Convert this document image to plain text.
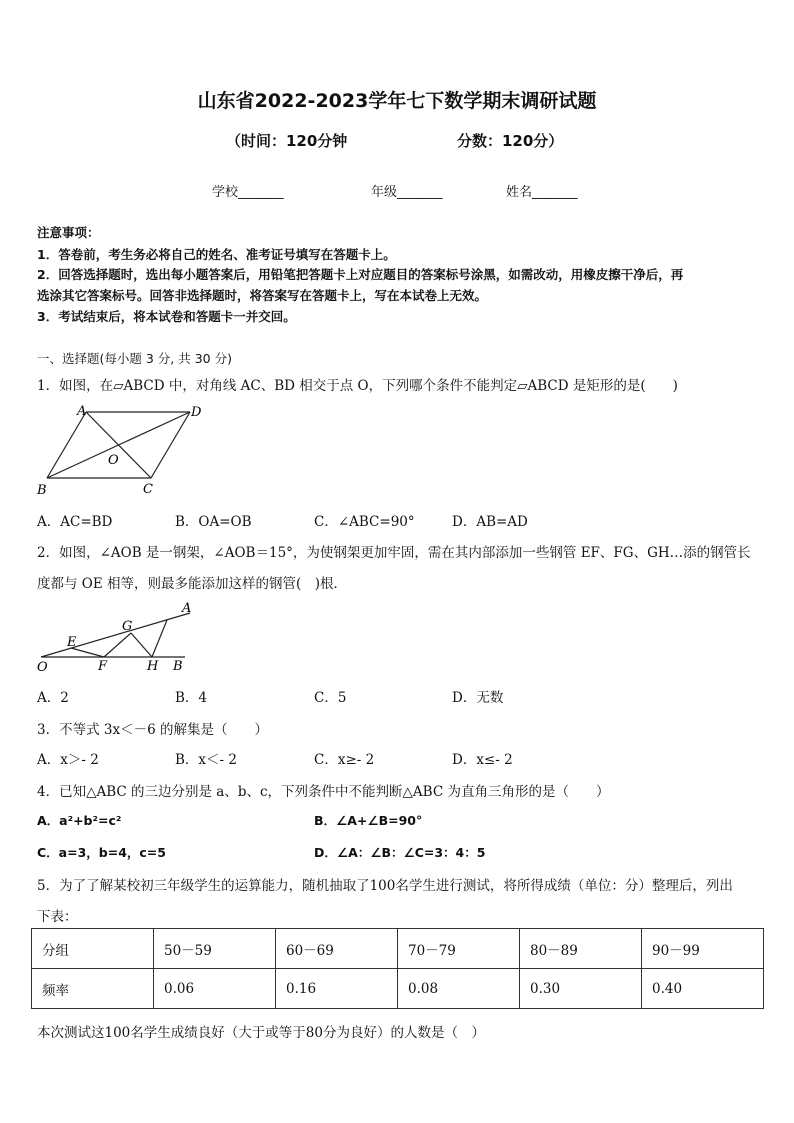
山东省2022-2023学年七下数学期末调研试题
（时间：120分钟	分数：120分）
学校_______	年级_______	姓名_______
注意事项：
1．答卷前，考生务必将自己的姓名、准考证号填写在答题卡上。
2．回答选择题时，选出每小题答案后，用铅笔把答题卡上对应题目的答案标号涂黑，如需改动，用橡皮擦干净后，再
选涂其它答案标号。回答非选择题时，将答案写在答题卡上，写在本试卷上无效。
3．考试结束后，将本试卷和答题卡一并交回。
一、选择题(每小题 3 分, 共 30 分)
1．如图，在▱ABCD 中，对角线 AC、BD 相交于点 O，下列哪个条件不能判定▱ABCD 是矩形的是(　　)
A	D
O
B	C
A．AC=BD	B．OA=OB	C．∠ABC=90°	D．AB=AD
2．如图，∠AOB 是一钢架，∠AOB＝15°，为使钢架更加牢固，需在其内部添加一些钢管 EF、FG、GH…添的钢管长
度都与 OE 相等，则最多能添加这样的钢管(　)根．
A
G
E
O	F	H B
A．2	B．4	C．5	D．无数
3．不等式 3x＜－6 的解集是（　　）
A．x＞- 2	B．x＜- 2	C．x≥- 2	D．x≤- 2
4．已知△ABC 的三边分别是 a、b、c，下列条件中不能判断△ABC 为直角三角形的是（　　）
A．a²+b²=c²	B．∠A+∠B=90°
C．a=3，b=4，c=5	D．∠A：∠B：∠C=3：4：5
5．为了了解某校初三年级学生的运算能力，随机抽取了100名学生进行测试，将所得成绩（单位：分）整理后，列出
下表：
分组	50－59	60－69	70－79	80－89	90－99
频率	0.06	0.16	0.08	0.30	0.40
本次测试这100名学生成绩良好（大于或等于80分为良好）的人数是（　）
